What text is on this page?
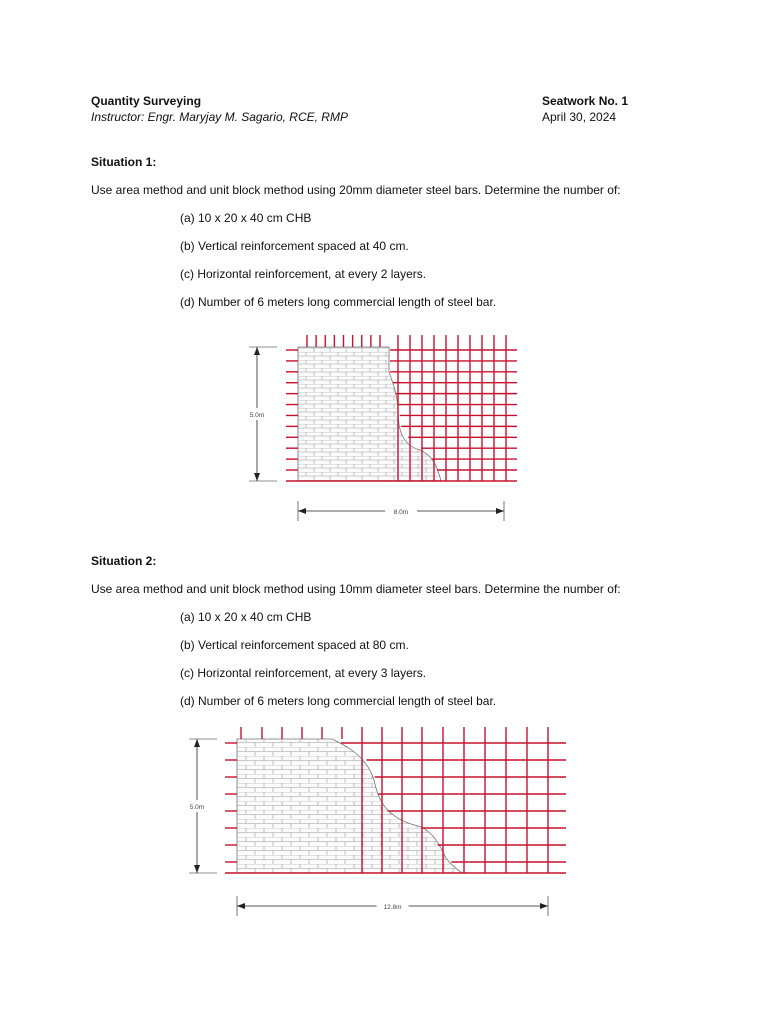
Quantity Surveying
Instructor: Engr. Maryjay M. Sagario, RCE, RMP
Seatwork No. 1
April 30, 2024
Situation 1:
Use area method and unit block method using 20mm diameter steel bars. Determine the number of:
(a) 10 x 20 x 40 cm CHB
(b) Vertical reinforcement spaced at 40 cm.
(c) Horizontal reinforcement, at every 2 layers.
(d) Number of 6 meters long commercial length of steel bar.
5.0m
8.0m
Situation 2:
Use area method and unit block method using 10mm diameter steel bars. Determine the number of:
(a) 10 x 20 x 40 cm CHB
(b) Vertical reinforcement spaced at 80 cm.
(c) Horizontal reinforcement, at every 3 layers.
(d) Number of 6 meters long commercial length of steel bar.
5.0m
12.8m
